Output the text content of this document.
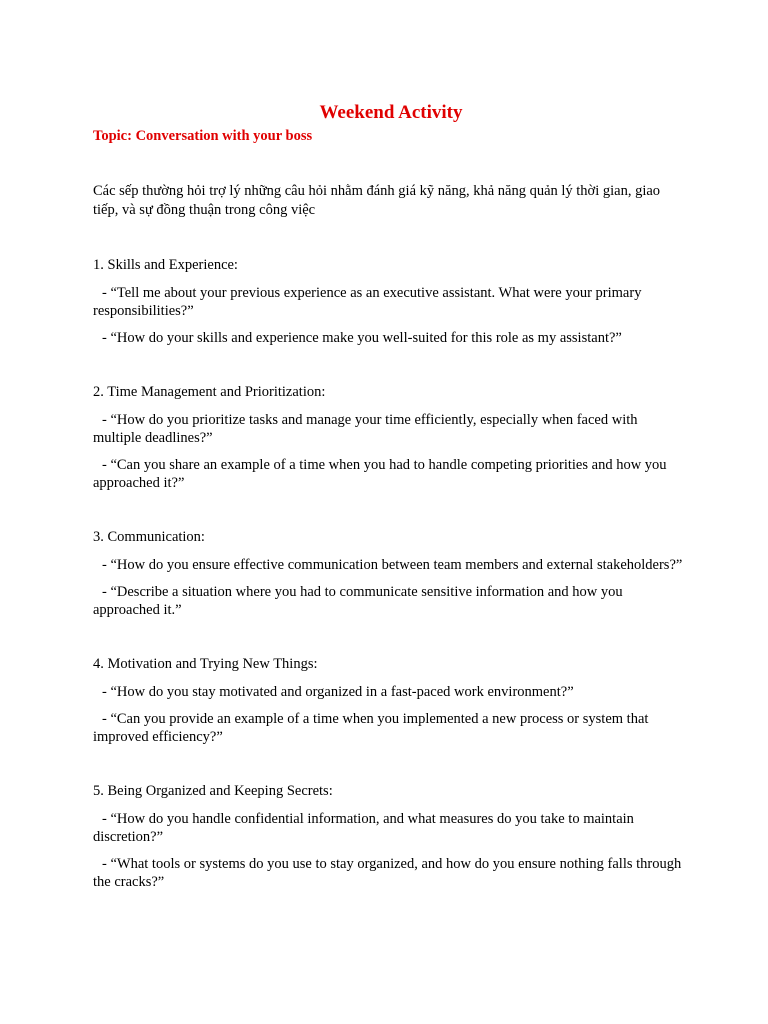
Weekend Activity

Topic: Conversation with your boss

Các sếp thường hỏi trợ lý những câu hỏi nhằm đánh giá kỹ năng, khả năng quản lý thời gian, giao tiếp, và sự đồng thuận trong công việc

1. Skills and Experience:

- “Tell me about your previous experience as an executive assistant. What were your primary responsibilities?”

- “How do your skills and experience make you well-suited for this role as my assistant?”

2. Time Management and Prioritization:

- “How do you prioritize tasks and manage your time efficiently, especially when faced with multiple deadlines?”

- “Can you share an example of a time when you had to handle competing priorities and how you approached it?”

3. Communication:

- “How do you ensure effective communication between team members and external stakeholders?”

- “Describe a situation where you had to communicate sensitive information and how you approached it.”

4. Motivation and Trying New Things:

- “How do you stay motivated and organized in a fast-paced work environment?”

- “Can you provide an example of a time when you implemented a new process or system that improved efficiency?”

5. Being Organized and Keeping Secrets:

- “How do you handle confidential information, and what measures do you take to maintain discretion?”

- “What tools or systems do you use to stay organized, and how do you ensure nothing falls through the cracks?”
